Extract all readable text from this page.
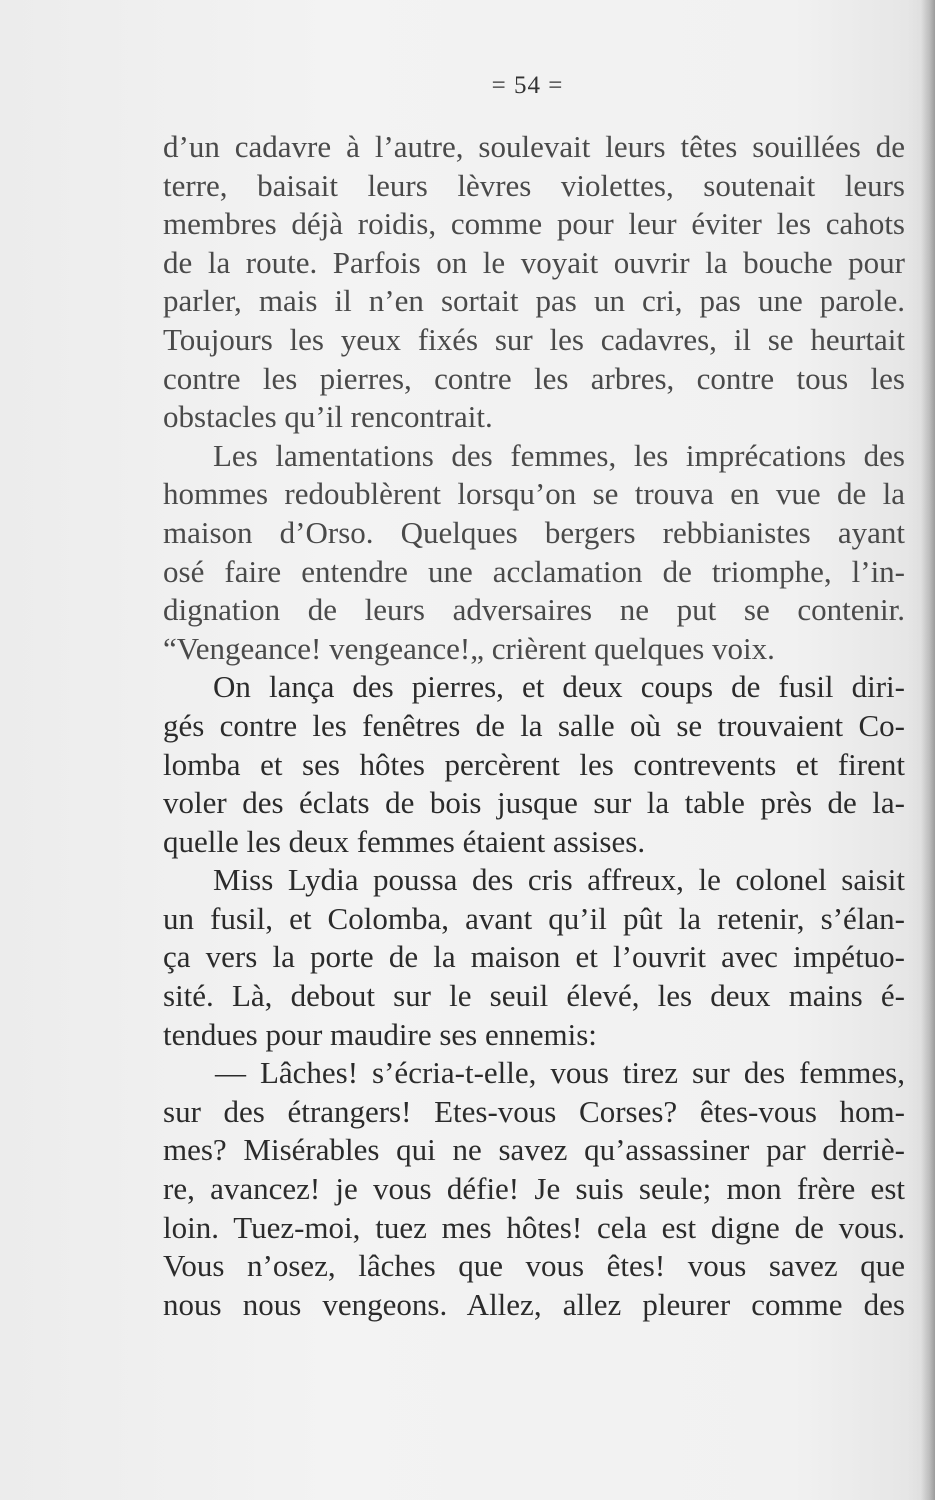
= 54 =
d’un cadavre à l’autre, soulevait leurs têtes souillées de
terre, baisait leurs lèvres violettes, soutenait leurs
membres déjà roidis, comme pour leur éviter les cahots
de la route. Parfois on le voyait ouvrir la bouche pour
parler, mais il n’en sortait pas un cri, pas une parole.
Toujours les yeux fixés sur les cadavres, il se heurtait
contre les pierres, contre les arbres, contre tous les
obstacles qu’il rencontrait.
Les lamentations des femmes, les imprécations des
hommes redoublèrent lorsqu’on se trouva en vue de la
maison d’Orso. Quelques bergers rebbianistes ayant
osé faire entendre une acclamation de triomphe, l’in-
dignation de leurs adversaires ne put se contenir.
“Vengeance! vengeance!„ crièrent quelques voix.
On lança des pierres, et deux coups de fusil diri-
gés contre les fenêtres de la salle où se trouvaient Co-
lomba et ses hôtes percèrent les contrevents et firent
voler des éclats de bois jusque sur la table près de la-
quelle les deux femmes étaient assises.
Miss Lydia poussa des cris affreux, le colonel saisit
un fusil, et Colomba, avant qu’il pût la retenir, s’élan-
ça vers la porte de la maison et l’ouvrit avec impétuo-
sité. Là, debout sur le seuil élevé, les deux mains é-
tendues pour maudire ses ennemis:
— Lâches! s’écria-t-elle, vous tirez sur des femmes,
sur des étrangers! Etes-vous Corses? êtes-vous hom-
mes? Misérables qui ne savez qu’assassiner par derriè-
re, avancez! je vous défie! Je suis seule; mon frère est
loin. Tuez-moi, tuez mes hôtes! cela est digne de vous.
Vous n’osez, lâches que vous êtes! vous savez que
nous nous vengeons. Allez, allez pleurer comme des
